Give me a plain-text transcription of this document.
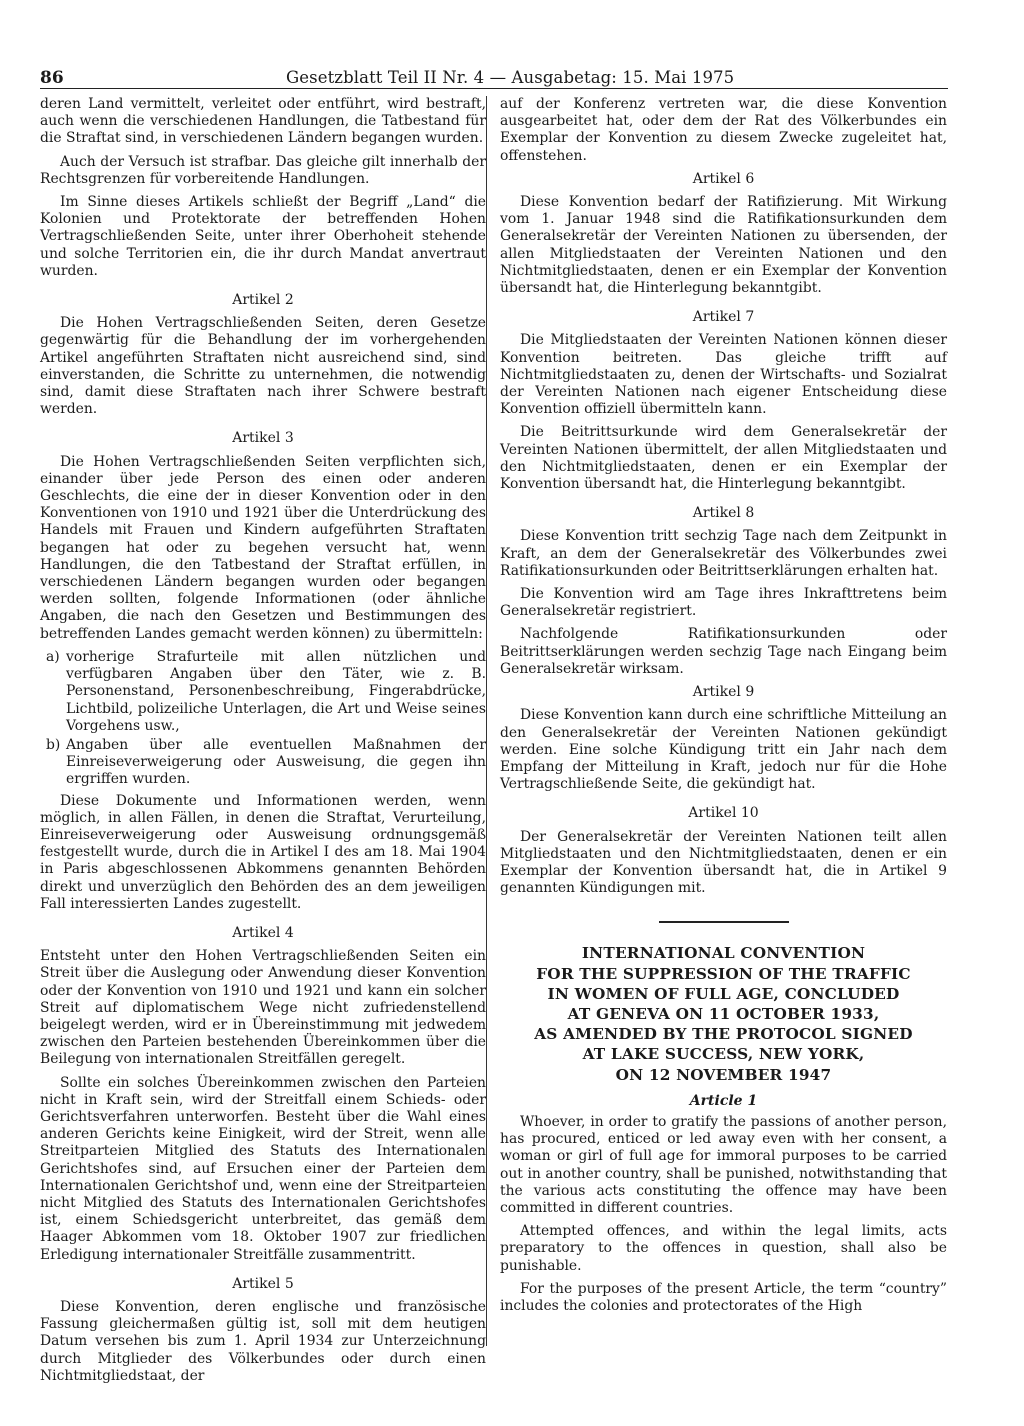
86	Gesetzblatt Teil II Nr. 4 — Ausgabetag: 15. Mai 1975

deren Land vermittelt, verleitet oder entführt, wird bestraft, auch wenn die verschiedenen Handlungen, die Tatbestand für die Straftat sind, in verschiedenen Ländern begangen wurden.

Auch der Versuch ist strafbar. Das gleiche gilt innerhalb der Rechtsgrenzen für vorbereitende Handlungen.

Im Sinne dieses Artikels schließt der Begriff „Land“ die Kolonien und Protektorate der betreffenden Hohen Vertragschließenden Seite, unter ihrer Oberhoheit stehende und solche Territorien ein, die ihr durch Mandat anvertraut wurden.

Artikel 2

Die Hohen Vertragschließenden Seiten, deren Gesetze gegenwärtig für die Behandlung der im vorhergehenden Artikel angeführten Straftaten nicht ausreichend sind, sind einverstanden, die Schritte zu unternehmen, die notwendig sind, damit diese Straftaten nach ihrer Schwere bestraft werden.

Artikel 3

Die Hohen Vertragschließenden Seiten verpflichten sich, einander über jede Person des einen oder anderen Geschlechts, die eine der in dieser Konvention oder in den Konventionen von 1910 und 1921 über die Unterdrückung des Handels mit Frauen und Kindern aufgeführten Straftaten begangen hat oder zu begehen versucht hat, wenn Handlungen, die den Tatbestand der Straftat erfüllen, in verschiedenen Ländern begangen wurden oder begangen werden sollten, folgende Informationen (oder ähnliche Angaben, die nach den Gesetzen und Bestimmungen des betreffenden Landes gemacht werden können) zu übermitteln:

a) vorherige Strafurteile mit allen nützlichen und verfügbaren Angaben über den Täter, wie z. B. Personenstand, Personenbeschreibung, Fingerabdrücke, Lichtbild, polizeiliche Unterlagen, die Art und Weise seines Vorgehens usw.,
b) Angaben über alle eventuellen Maßnahmen der Einreiseverweigerung oder Ausweisung, die gegen ihn ergriffen wurden.

Diese Dokumente und Informationen werden, wenn möglich, in allen Fällen, in denen die Straftat, Verurteilung, Einreiseverweigerung oder Ausweisung ordnungsgemäß festgestellt wurde, durch die in Artikel I des am 18. Mai 1904 in Paris abgeschlossenen Abkommens genannten Behörden direkt und unverzüglich den Behörden des an dem jeweiligen Fall interessierten Landes zugestellt.

Artikel 4

Entsteht unter den Hohen Vertragschließenden Seiten ein Streit über die Auslegung oder Anwendung dieser Konvention oder der Konvention von 1910 und 1921 und kann ein solcher Streit auf diplomatischem Wege nicht zufriedenstellend beigelegt werden, wird er in Übereinstimmung mit jedwedem zwischen den Parteien bestehenden Übereinkommen über die Beilegung von internationalen Streitfällen geregelt.

Sollte ein solches Übereinkommen zwischen den Parteien nicht in Kraft sein, wird der Streitfall einem Schieds- oder Gerichtsverfahren unterworfen. Besteht über die Wahl eines anderen Gerichts keine Einigkeit, wird der Streit, wenn alle Streitparteien Mitglied des Statuts des Internationalen Gerichtshofes sind, auf Ersuchen einer der Parteien dem Internationalen Gerichtshof und, wenn eine der Streitparteien nicht Mitglied des Statuts des Internationalen Gerichtshofes ist, einem Schiedsgericht unterbreitet, das gemäß dem Haager Abkommen vom 18. Oktober 1907 zur friedlichen Erledigung internationaler Streitfälle zusammentritt.

Artikel 5

Diese Konvention, deren englische und französische Fassung gleichermaßen gültig ist, soll mit dem heutigen Datum versehen bis zum 1. April 1934 zur Unterzeichnung durch Mitglieder des Völkerbundes oder durch einen Nichtmitgliedstaat, der

auf der Konferenz vertreten war, die diese Konvention ausgearbeitet hat, oder dem der Rat des Völkerbundes ein Exemplar der Konvention zu diesem Zwecke zugeleitet hat, offenstehen.

Artikel 6

Diese Konvention bedarf der Ratifizierung. Mit Wirkung vom 1. Januar 1948 sind die Ratifikationsurkunden dem Generalsekretär der Vereinten Nationen zu übersenden, der allen Mitgliedstaaten der Vereinten Nationen und den Nichtmitgliedstaaten, denen er ein Exemplar der Konvention übersandt hat, die Hinterlegung bekanntgibt.

Artikel 7

Die Mitgliedstaaten der Vereinten Nationen können dieser Konvention beitreten. Das gleiche trifft auf Nichtmitgliedstaaten zu, denen der Wirtschafts- und Sozialrat der Vereinten Nationen nach eigener Entscheidung diese Konvention offiziell übermitteln kann.

Die Beitrittsurkunde wird dem Generalsekretär der Vereinten Nationen übermittelt, der allen Mitgliedstaaten und den Nichtmitgliedstaaten, denen er ein Exemplar der Konvention übersandt hat, die Hinterlegung bekanntgibt.

Artikel 8

Diese Konvention tritt sechzig Tage nach dem Zeitpunkt in Kraft, an dem der Generalsekretär des Völkerbundes zwei Ratifikationsurkunden oder Beitrittserklärungen erhalten hat.

Die Konvention wird am Tage ihres Inkrafttretens beim Generalsekretär registriert.

Nachfolgende Ratifikationsurkunden oder Beitrittserklärungen werden sechzig Tage nach Eingang beim Generalsekretär wirksam.

Artikel 9

Diese Konvention kann durch eine schriftliche Mitteilung an den Generalsekretär der Vereinten Nationen gekündigt werden. Eine solche Kündigung tritt ein Jahr nach dem Empfang der Mitteilung in Kraft, jedoch nur für die Hohe Vertragschließende Seite, die gekündigt hat.

Artikel 10

Der Generalsekretär der Vereinten Nationen teilt allen Mitgliedstaaten und den Nichtmitgliedstaaten, denen er ein Exemplar der Konvention übersandt hat, die in Artikel 9 genannten Kündigungen mit.

INTERNATIONAL CONVENTION
FOR THE SUPPRESSION OF THE TRAFFIC
IN WOMEN OF FULL AGE, CONCLUDED
AT GENEVA ON 11 OCTOBER 1933,
AS AMENDED BY THE PROTOCOL SIGNED
AT LAKE SUCCESS, NEW YORK,
ON 12 NOVEMBER 1947
Article 1

Whoever, in order to gratify the passions of another person, has procured, enticed or led away even with her consent, a woman or girl of full age for immoral purposes to be carried out in another country, shall be punished, notwithstanding that the various acts constituting the offence may have been committed in different countries.

Attempted offences, and within the legal limits, acts preparatory to the offences in question, shall also be punishable.

For the purposes of the present Article, the term “country” includes the colonies and protectorates of the High
